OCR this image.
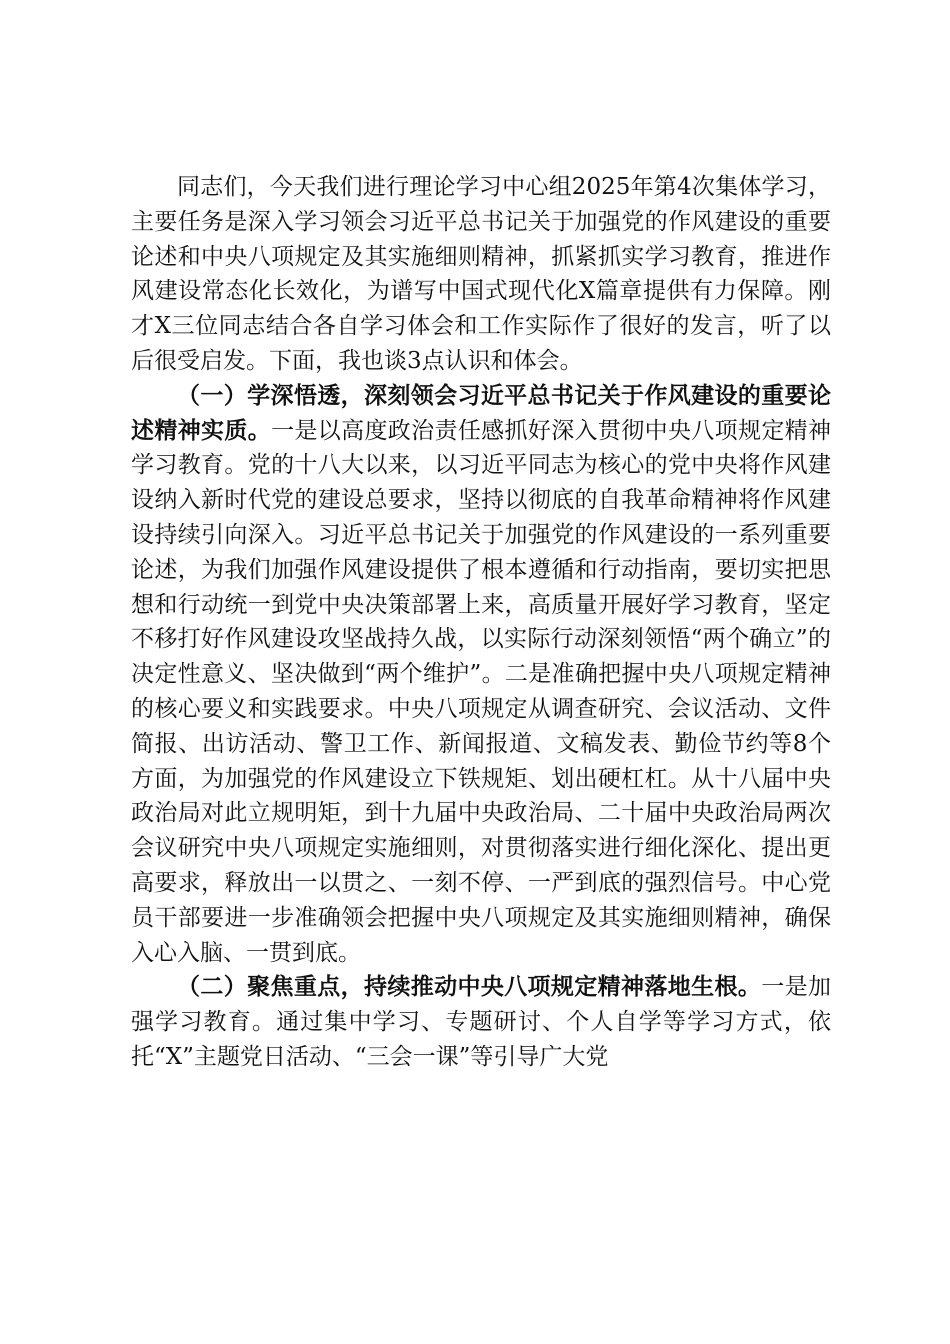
同志们，今天我们进行理论学习中心组2025年第4次集体学习，主要任务是深入学习领会习近平总书记关于加强党的作风建设的重要论述和中央八项规定及其实施细则精神，抓紧抓实学习教育，推进作风建设常态化长效化，为谱写中国式现代化X篇章提供有力保障。刚才X三位同志结合各自学习体会和工作实际作了很好的发言，听了以后很受启发。下面，我也谈3点认识和体会。

（一）学深悟透，深刻领会习近平总书记关于作风建设的重要论述精神实质。一是以高度政治责任感抓好深入贯彻中央八项规定精神学习教育。党的十八大以来，以习近平同志为核心的党中央将作风建设纳入新时代党的建设总要求，坚持以彻底的自我革命精神将作风建设持续引向深入。习近平总书记关于加强党的作风建设的一系列重要论述，为我们加强作风建设提供了根本遵循和行动指南，要切实把思想和行动统一到党中央决策部署上来，高质量开展好学习教育，坚定不移打好作风建设攻坚战持久战，以实际行动深刻领悟“两个确立”的决定性意义、坚决做到“两个维护”。二是准确把握中央八项规定精神的核心要义和实践要求。中央八项规定从调查研究、会议活动、文件简报、出访活动、警卫工作、新闻报道、文稿发表、勤俭节约等8个方面，为加强党的作风建设立下铁规矩、划出硬杠杠。从十八届中央政治局对此立规明矩，到十九届中央政治局、二十届中央政治局两次会议研究中央八项规定实施细则，对贯彻落实进行细化深化、提出更高要求，释放出一以贯之、一刻不停、一严到底的强烈信号。中心党员干部要进一步准确领会把握中央八项规定及其实施细则精神，确保入心入脑、一贯到底。

（二）聚焦重点，持续推动中央八项规定精神落地生根。一是加强学习教育。通过集中学习、专题研讨、个人自学等学习方式，依托“X”主题党日活动、“三会一课”等引导广大党
